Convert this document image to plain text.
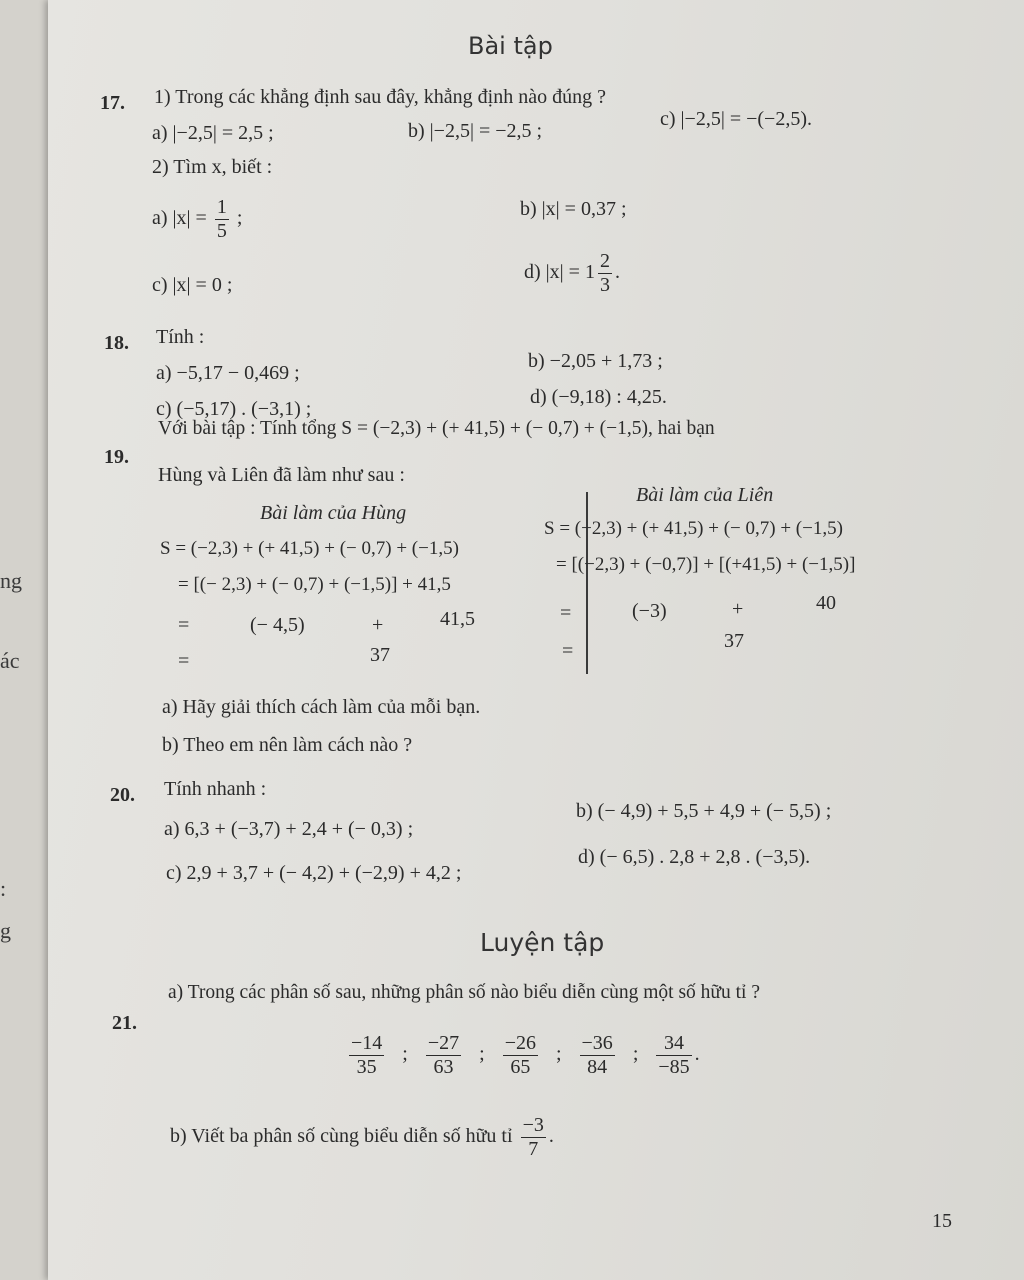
ng
ác
:
g
Bài tập
17. 1) Trong các khẳng định sau đây, khẳng định nào đúng ?
a) |−2,5| = 2,5 ;	b) |−2,5| = −2,5 ;
c) |−2,5| = −(−2,5).
2) Tìm x, biết :
a) $|x| = \frac{1}{5}$ ;	b) |x| = 0,37 ;
c) |x| = 0 ;
d) $|x| = 1 \frac{2}{3}$ .
18. Tính :
a) −5,17 − 0,469 ;
b) −2,05 + 1,73 ;
c) (−5,17) . (−3,1) ;
d) (−9,18) : 4,25.
19.
Với bài tập : Tính tổng S = (−2,3) + (+ 41,5) + (− 0,7) + (−1,5), hai bạn
Hùng và Liên đã làm như sau :
Bài làm của Hùng
S = (−2,3) + (+ 41,5) + (− 0,7) + (−1,5)
= [(− 2,3) + (− 0,7) + (−1,5)] + 41,5
=	(− 4,5)	+	41,5
=	37
Bài làm của Liên
S = (−2,3) + (+ 41,5) + (− 0,7) + (−1,5)
= [(−2,3) + (−0,7)] + [(+41,5) + (−1,5)]
=	(−3)	+	40
=	37
a) Hãy giải thích cách làm của mỗi bạn.
b) Theo em nên làm cách nào ?
20. Tính nhanh :
a) 6,3 + (−3,7) + 2,4 + (− 0,3) ;
b) (− 4,9) + 5,5 + 4,9 + (− 5,5) ;
c) 2,9 + 3,7 + (− 4,2) + (−2,9) + 4,2 ;
d) (− 6,5) . 2,8 + 2,8 . (−3,5).
Luyện tập
21.
a) Trong các phân số sau, những phân số nào biểu diễn cùng một số hữu tỉ ?
$\frac{-14}{35}$ ; $\frac{-27}{63}$ ; $\frac{-26}{65}$ ; $\frac{-36}{84}$ ; $\frac{34}{-85}$ .
b) Viết ba phân số cùng biểu diễn số hữu tỉ $\frac{-3}{7}$ .
15
